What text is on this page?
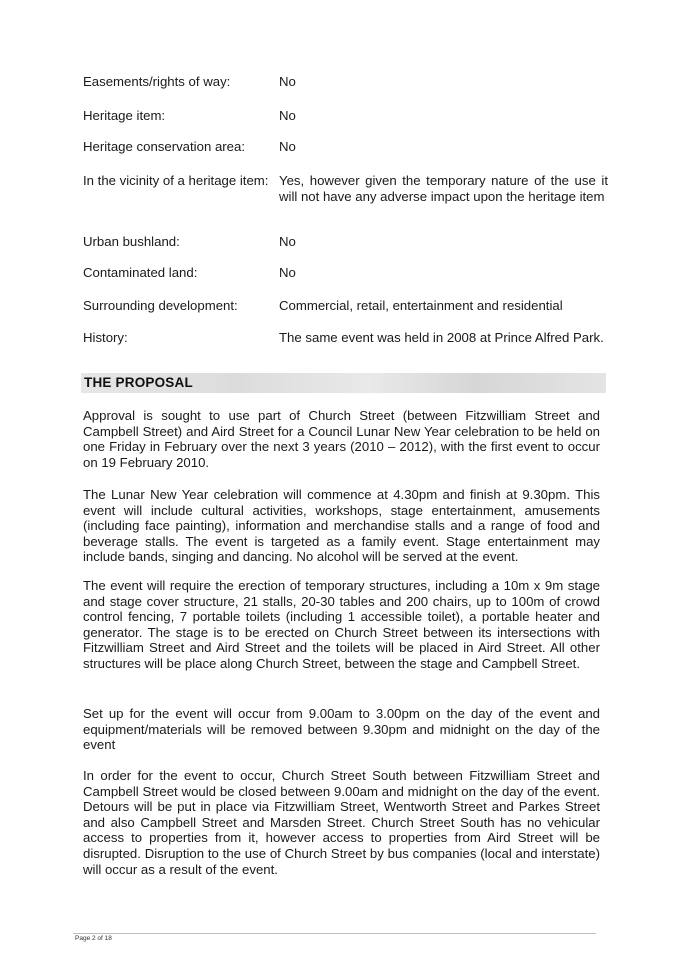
Easements/rights of way:	No
Heritage item:	No
Heritage conservation area:	No
In the vicinity of a heritage item: Yes, however given the temporary nature of the use it will not have any adverse impact upon the heritage item
Urban bushland:	No
Contaminated land:	No
Surrounding development:	Commercial, retail, entertainment and residential
History:	The same event was held in 2008 at Prince Alfred Park.
THE PROPOSAL

Approval is sought to use part of Church Street (between Fitzwilliam Street and Campbell Street) and Aird Street for a Council Lunar New Year celebration to be held on one Friday in February over the next 3 years (2010 – 2012), with the first event to occur on 19 February 2010.

The Lunar New Year celebration will commence at 4.30pm and finish at 9.30pm. This event will include cultural activities, workshops, stage entertainment, amusements (including face painting), information and merchandise stalls and a range of food and beverage stalls. The event is targeted as a family event. Stage entertainment may include bands, singing and dancing. No alcohol will be served at the event.

The event will require the erection of temporary structures, including a 10m x 9m stage and stage cover structure, 21 stalls, 20-30 tables and 200 chairs, up to 100m of crowd control fencing, 7 portable toilets (including 1 accessible toilet), a portable heater and generator. The stage is to be erected on Church Street between its intersections with Fitzwilliam Street and Aird Street and the toilets will be placed in Aird Street. All other structures will be place along Church Street, between the stage and Campbell Street.

Set up for the event will occur from 9.00am to 3.00pm on the day of the event and equipment/materials will be removed between 9.30pm and midnight on the day of the event

In order for the event to occur, Church Street South between Fitzwilliam Street and Campbell Street would be closed between 9.00am and midnight on the day of the event. Detours will be put in place via Fitzwilliam Street, Wentworth Street and Parkes Street and also Campbell Street and Marsden Street. Church Street South has no vehicular access to properties from it, however access to properties from Aird Street will be disrupted. Disruption to the use of Church Street by bus companies (local and interstate) will occur as a result of the event.

Page 2 of 18
